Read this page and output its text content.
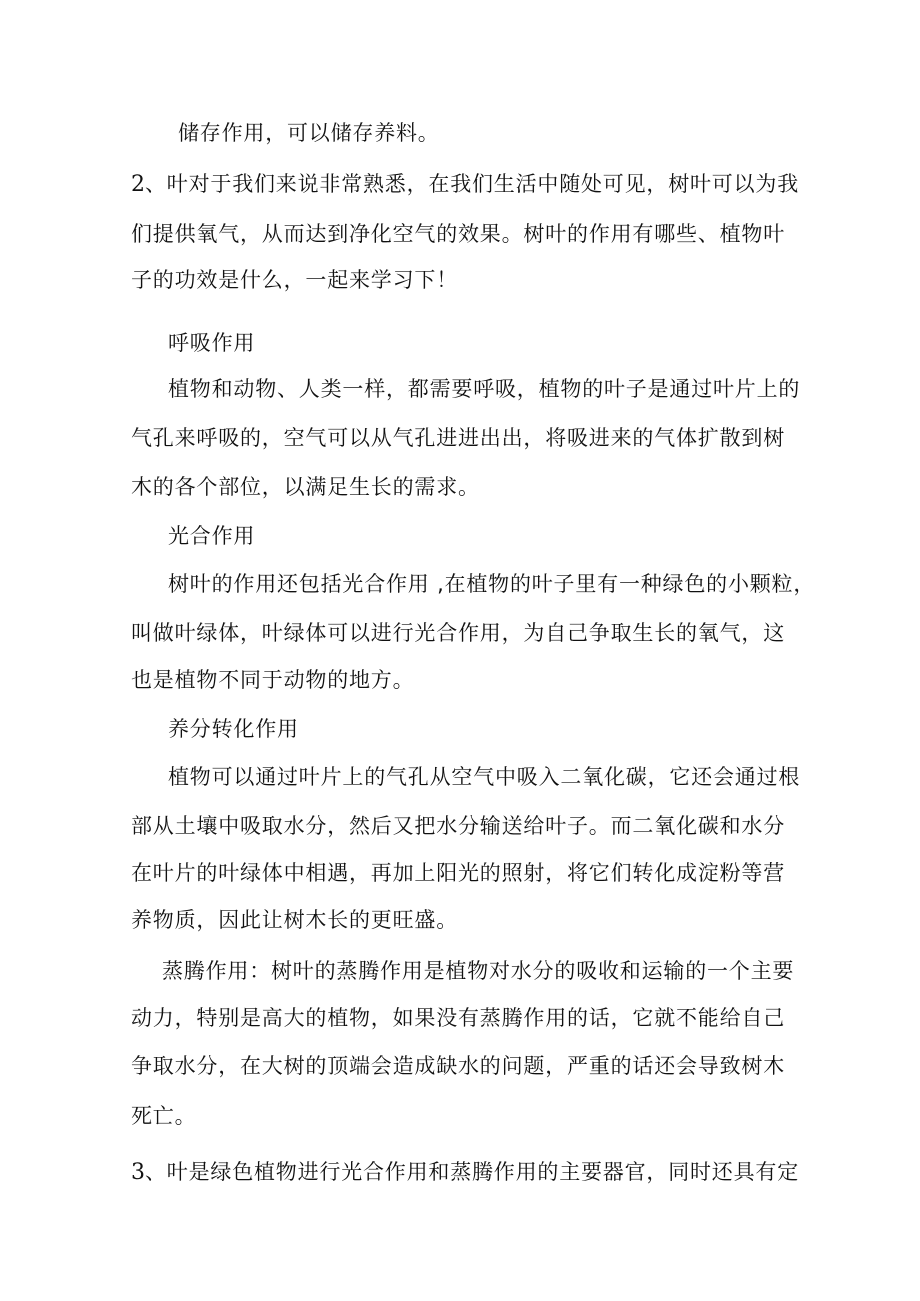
储存作用，可以储存养料。
2、叶对于我们来说非常熟悉，在我们生活中随处可见，树叶可以为我
们提供氧气，从而达到净化空气的效果。树叶的作用有哪些、植物叶
子的功效是什么，一起来学习下！
呼吸作用
植物和动物、人类一样，都需要呼吸，植物的叶子是通过叶片上的
气孔来呼吸的，空气可以从气孔进进出出，将吸进来的气体扩散到树
木的各个部位，以满足生长的需求。
光合作用
树叶的作用还包括光合作用 ,在植物的叶子里有一种绿色的小颗粒，
叫做叶绿体，叶绿体可以进行光合作用，为自己争取生长的氧气，这
也是植物不同于动物的地方。
养分转化作用
植物可以通过叶片上的气孔从空气中吸入二氧化碳，它还会通过根
部从土壤中吸取水分，然后又把水分输送给叶子。而二氧化碳和水分
在叶片的叶绿体中相遇，再加上阳光的照射，将它们转化成淀粉等营
养物质，因此让树木长的更旺盛。
蒸腾作用：树叶的蒸腾作用是植物对水分的吸收和运输的一个主要
动力，特别是高大的植物，如果没有蒸腾作用的话，它就不能给自己
争取水分，在大树的顶端会造成缺水的问题，严重的话还会导致树木
死亡。
3、叶是绿色植物进行光合作用和蒸腾作用的主要器官，同时还具有定
